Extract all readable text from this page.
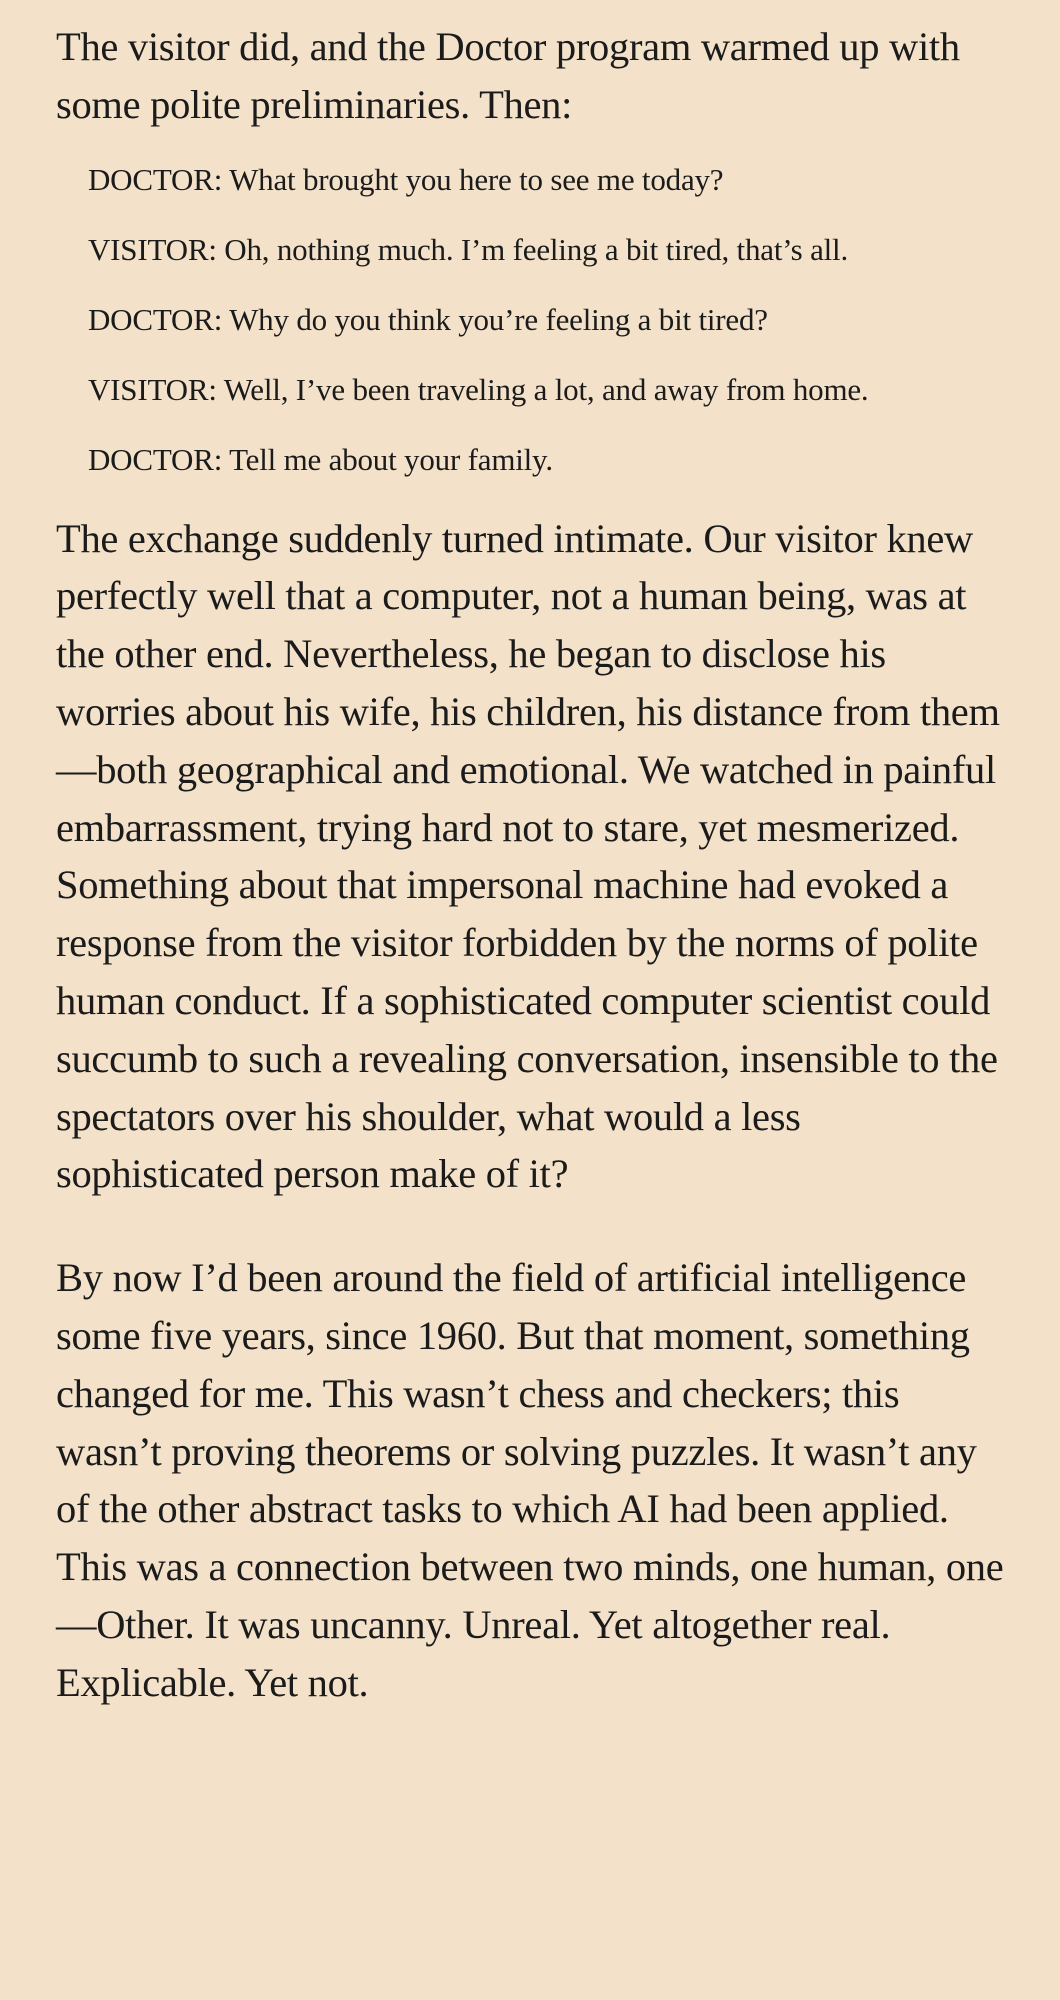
The visitor did, and the Doctor program warmed up with some polite preliminaries. Then:

DOCTOR : What brought you here to see me today?

VISITOR : Oh, nothing much. I’m feeling a bit tired, that’s all.

DOCTOR : Why do you think you’re feeling a bit tired?

VISITOR : Well, I’ve been traveling a lot, and away from home.

DOCTOR : Tell me about your family.

The exchange suddenly turned intimate. Our visitor knew perfectly well that a computer, not a human being, was at the other end. Nevertheless, he began to disclose his worries about his wife, his children, his distance from them—both geographical and emotional. We watched in painful embarrassment, trying hard not to stare, yet mesmerized. Something about that impersonal machine had evoked a response from the visitor forbidden by the norms of polite human conduct. If a sophisticated computer scientist could succumb to such a revealing conversation, insensible to the spectators over his shoulder, what would a less sophisticated person make of it?

By now I’d been around the field of artificial intelligence some five years, since 1960. But that moment, something changed for me. This wasn’t chess and checkers; this wasn’t proving theorems or solving puzzles. It wasn’t any of the other abstract tasks to which AI had been applied. This was a connection between two minds, one human, one —Other. It was uncanny. Unreal. Yet altogether real. Explicable. Yet not.
